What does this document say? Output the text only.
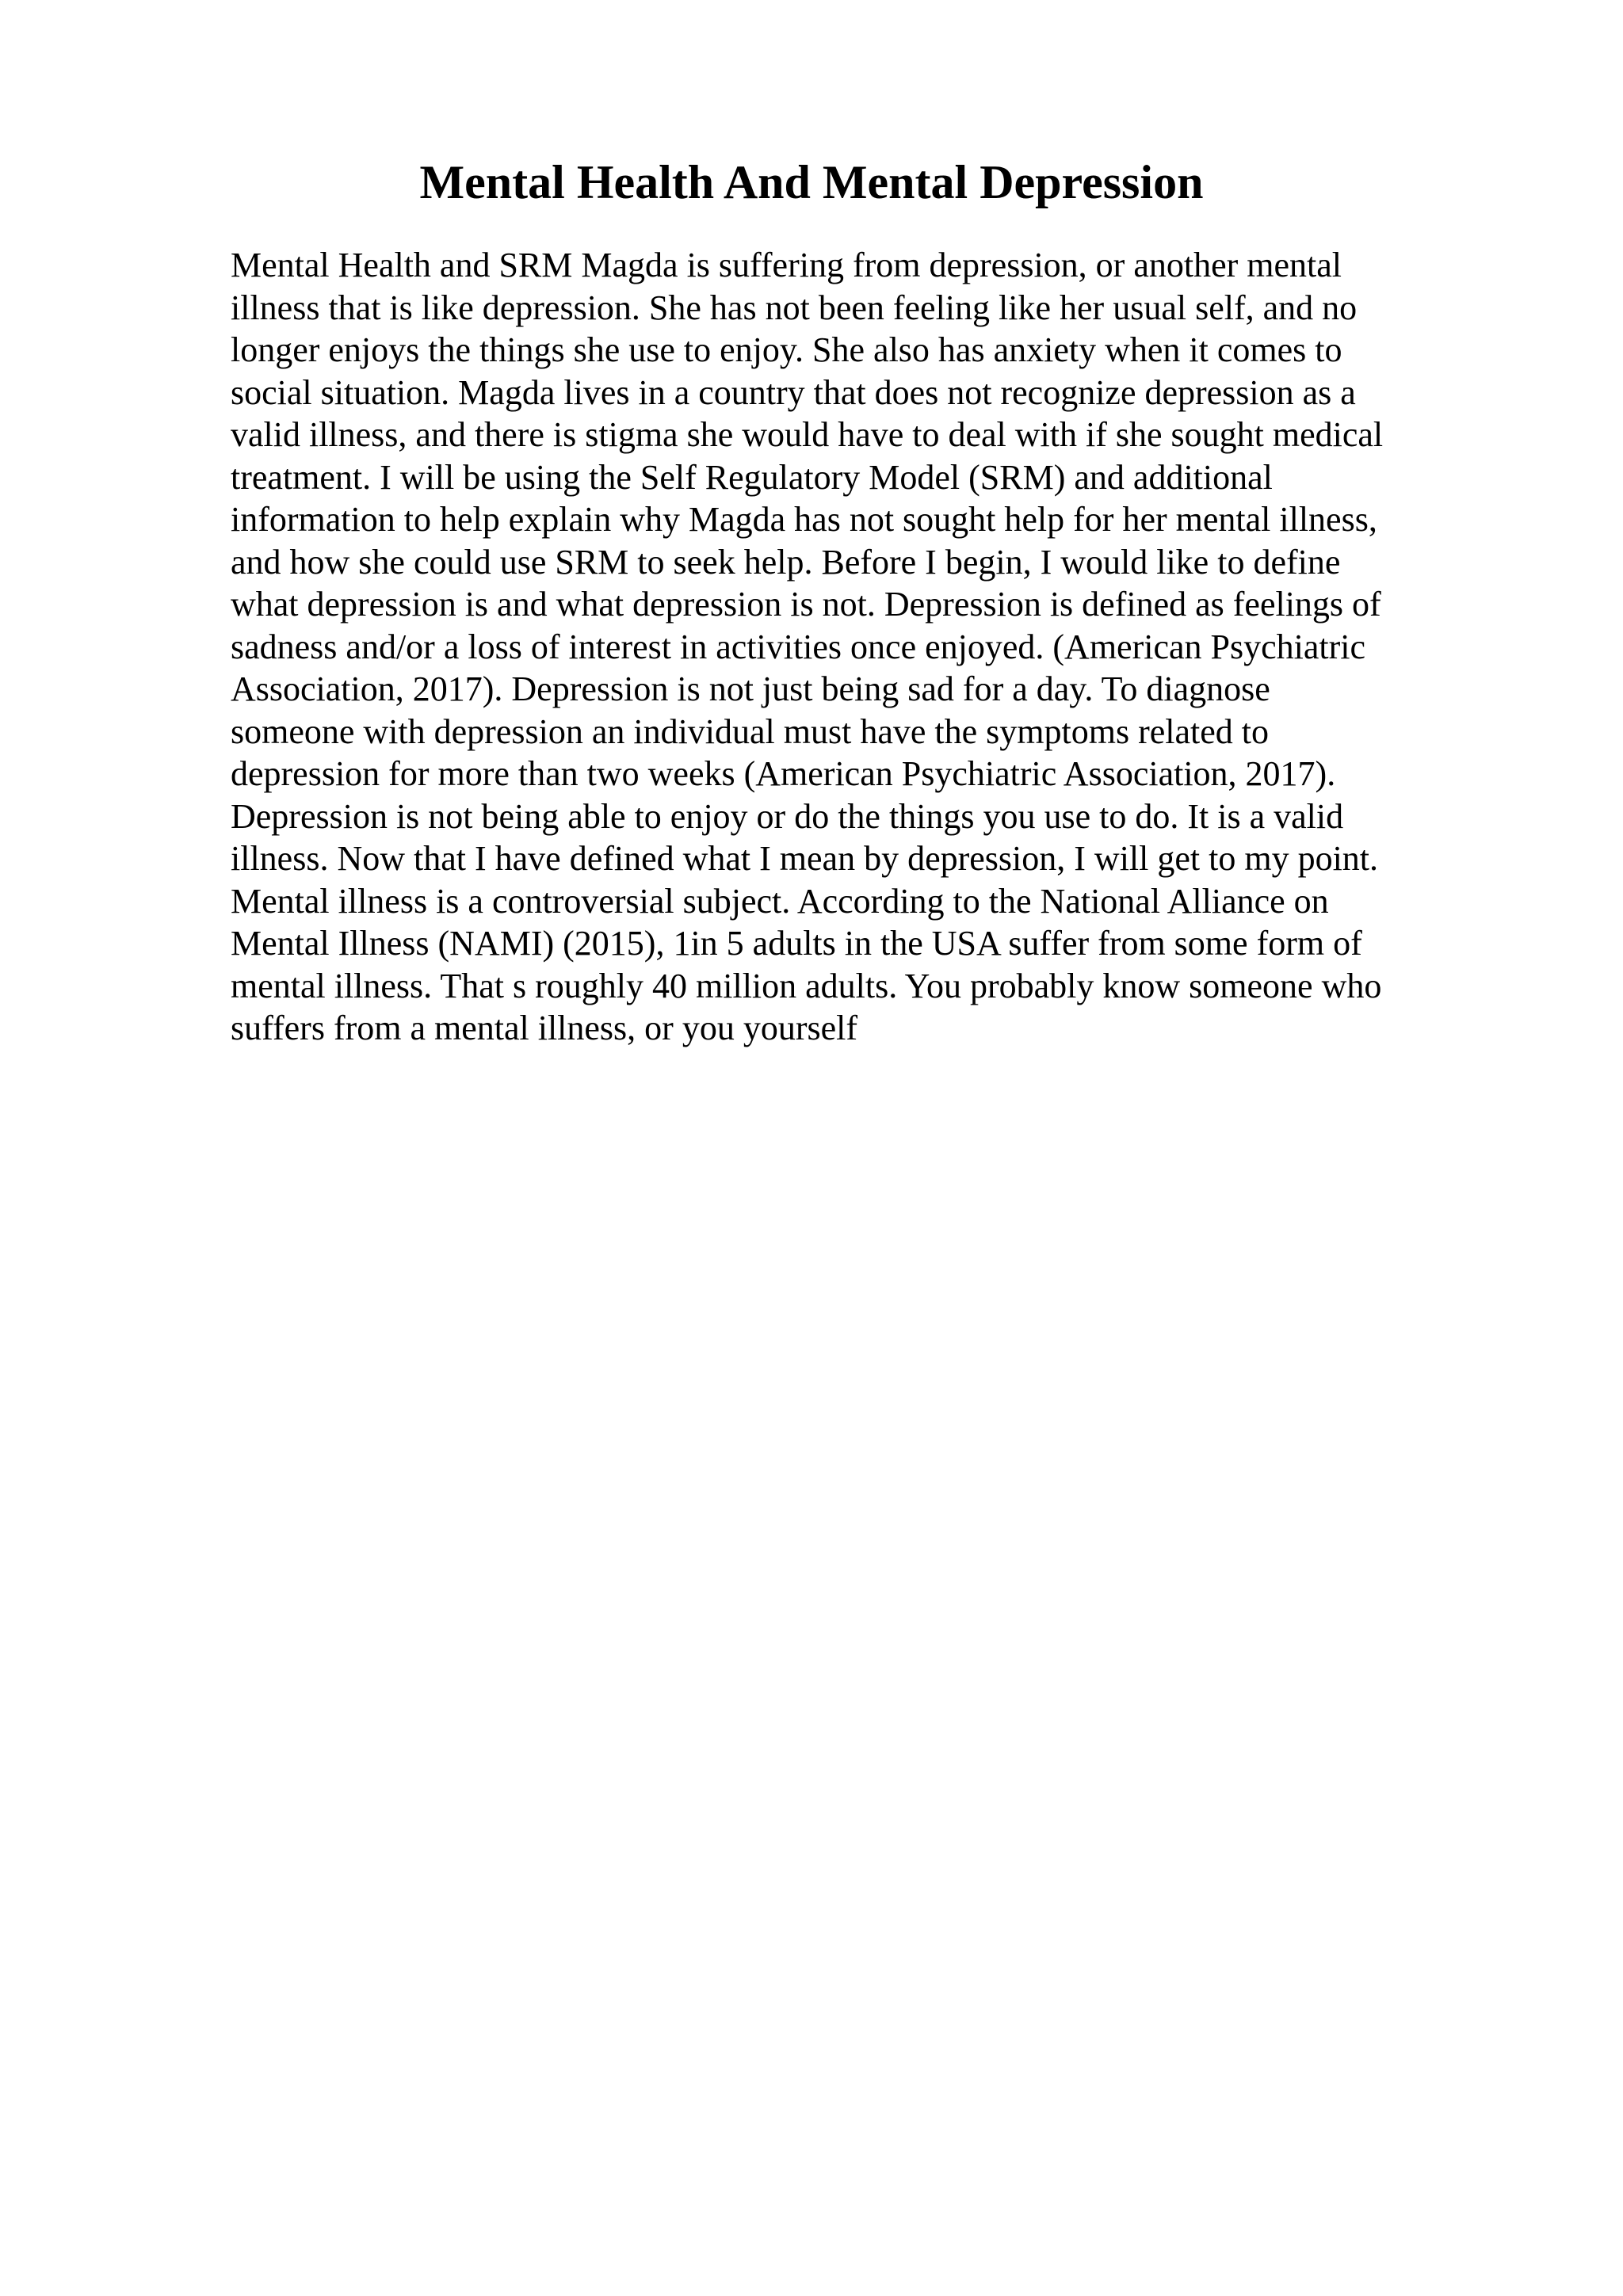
Mental Health And Mental Depression
Mental Health and SRM Magda is suffering from depression, or another mental
illness that is like depression. She has not been feeling like her usual self, and no
longer enjoys the things she use to enjoy. She also has anxiety when it comes to
social situation. Magda lives in a country that does not recognize depression as a
valid illness, and there is stigma she would have to deal with if she sought medical
treatment. I will be using the Self Regulatory Model (SRM) and additional
information to help explain why Magda has not sought help for her mental illness,
and how she could use SRM to seek help. Before I begin, I would like to define
what depression is and what depression is not. Depression is defined as feelings of
sadness and/or a loss of interest in activities once enjoyed. (American Psychiatric
Association, 2017). Depression is not just being sad for a day. To diagnose
someone with depression an individual must have the symptoms related to
depression for more than two weeks (American Psychiatric Association, 2017).
Depression is not being able to enjoy or do the things you use to do. It is a valid
illness. Now that I have defined what I mean by depression, I will get to my point.
Mental illness is a controversial subject. According to the National Alliance on
Mental Illness (NAMI) (2015), 1in 5 adults in the USA suffer from some form of
mental illness. That s roughly 40 million adults. You probably know someone who
suffers from a mental illness, or you yourself
